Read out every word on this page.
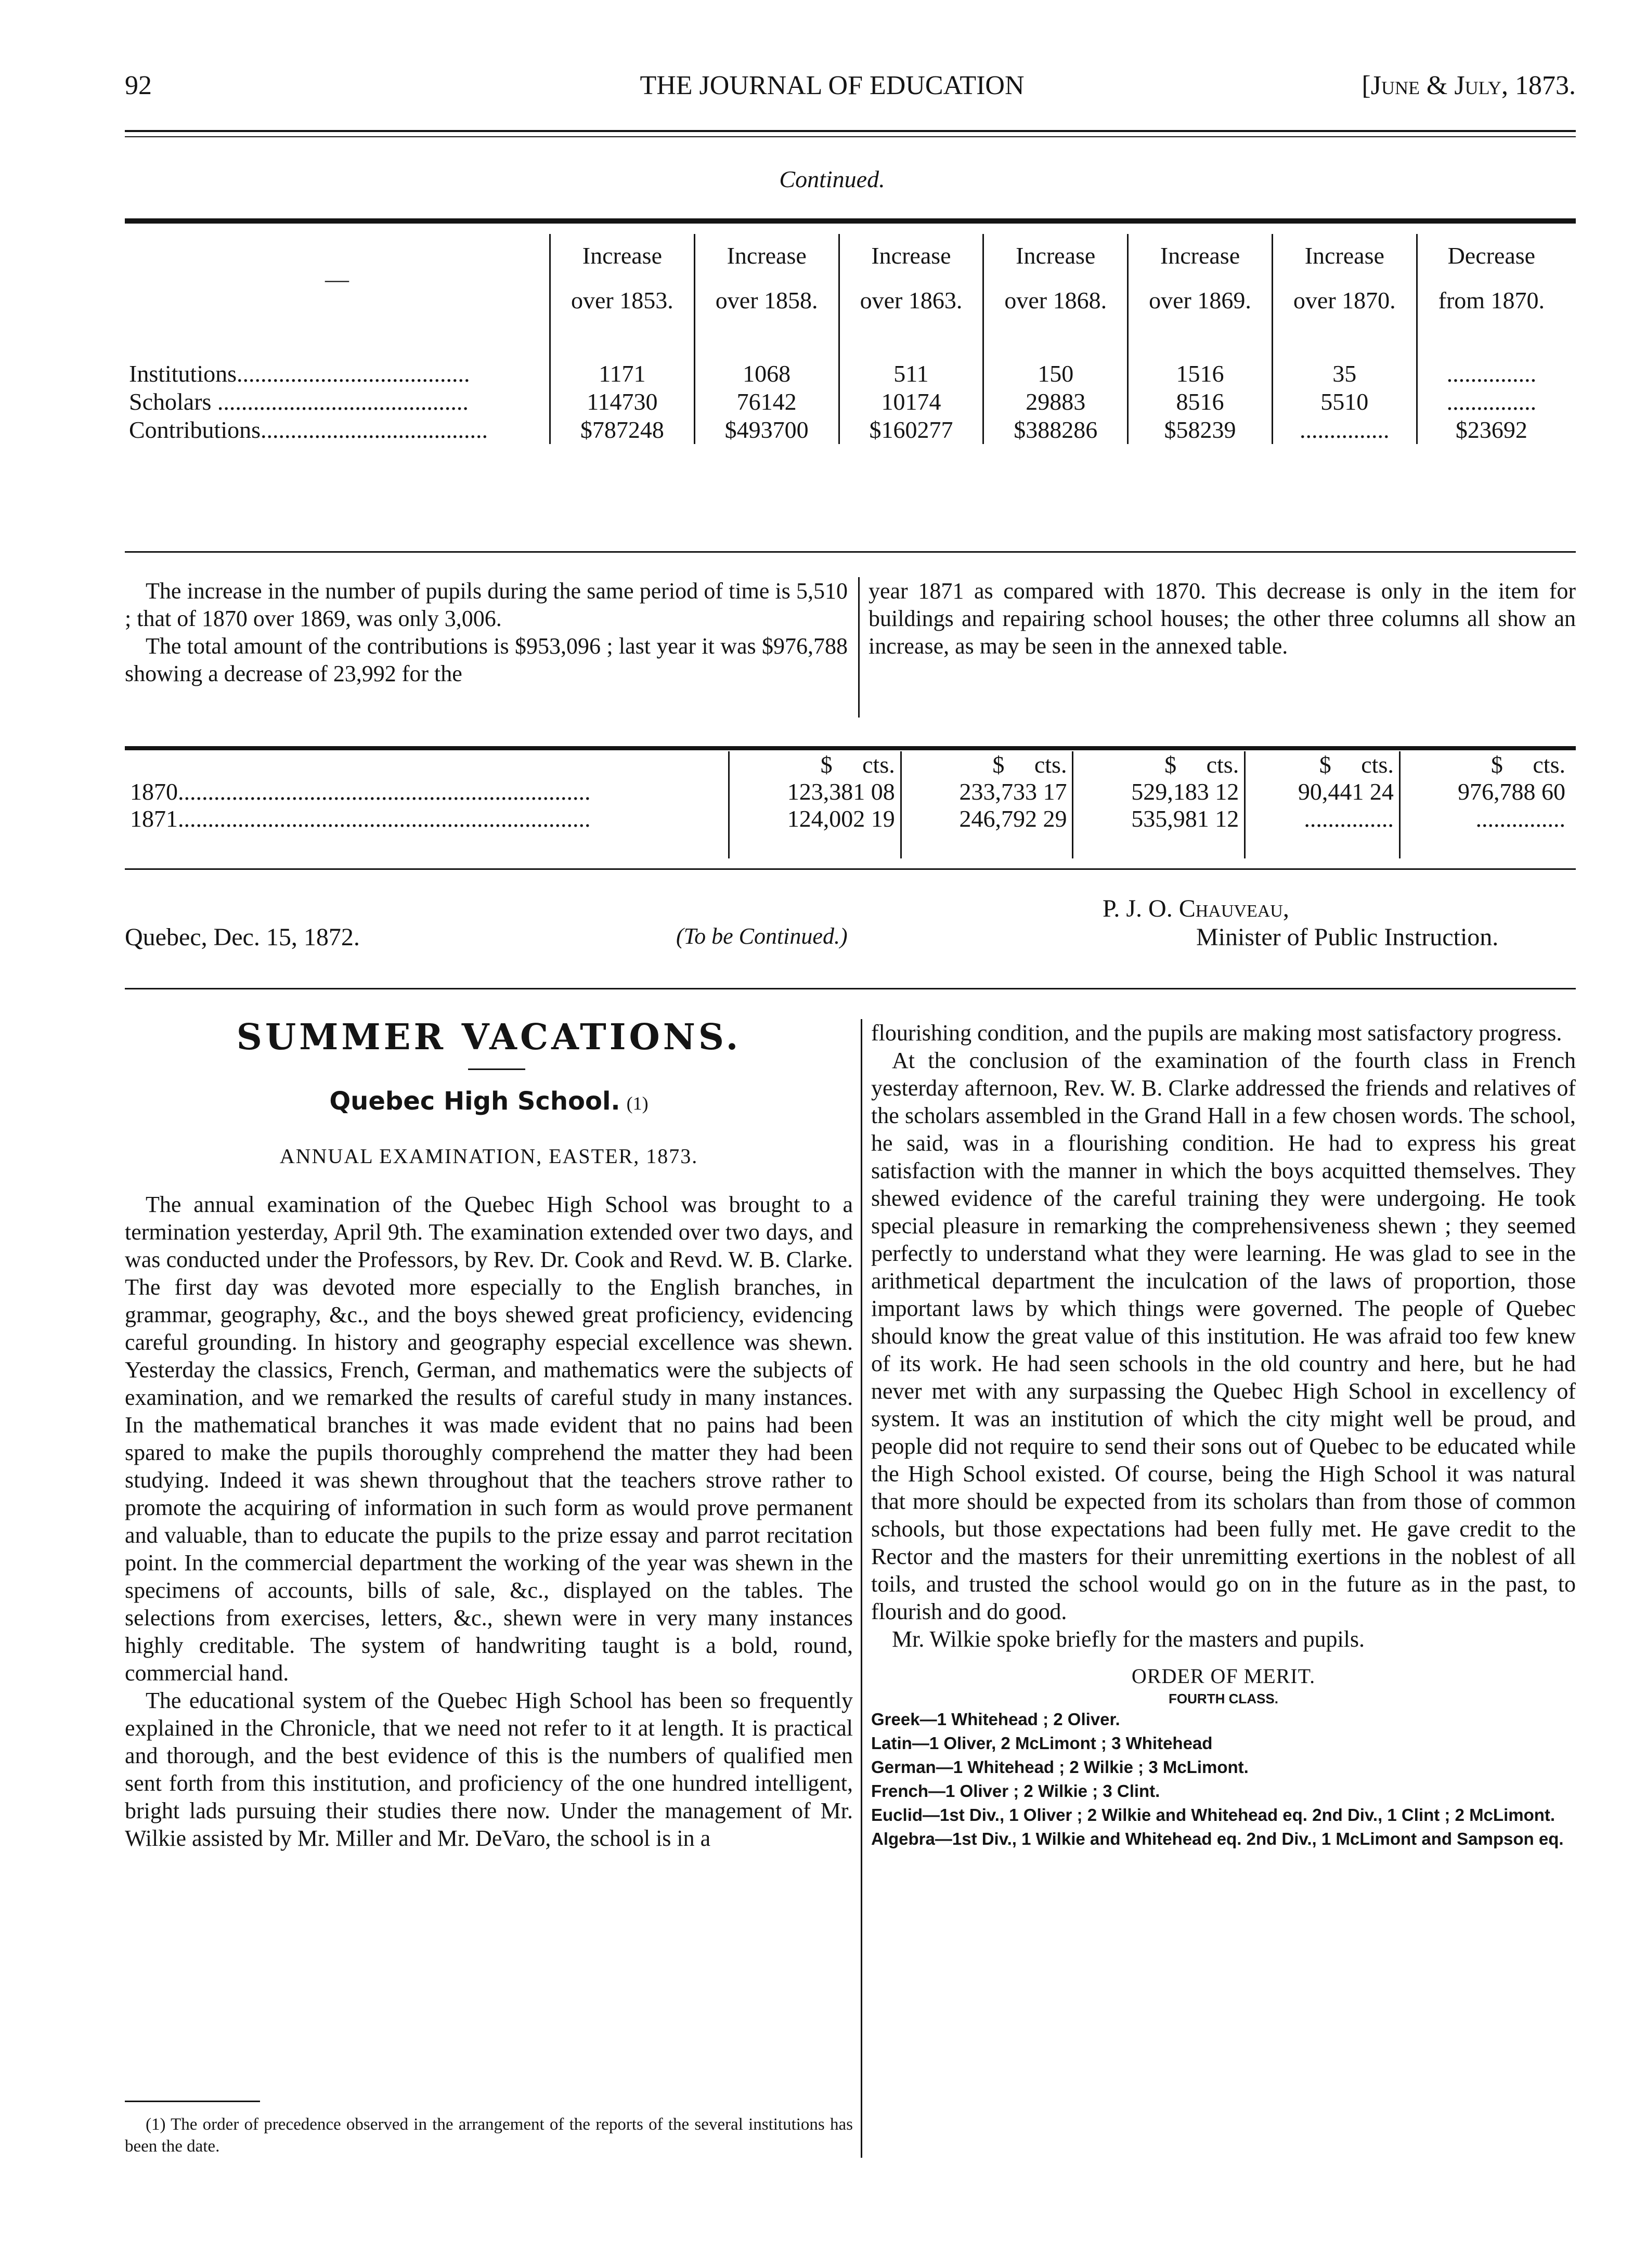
92	THE JOURNAL OF EDUCATION	[June & July, 1873.
Continued.
—	Increase	Increase	Increase	Increase	Increase	Increase	Decrease
	over 1853.	over 1858.	over 1863.	over 1868.	over 1869.	over 1870.	from 1870.

Institutions.......................................	1171	1068	511	150	1516	35	...............
Scholars ..........................................	114730	76142	10174	29883	8516	5510	...............
Contributions......................................	$787248	$493700	$160277	$388286	$58239	...............	$23692

The increase in the number of pupils during the same period of time is 5,510 ; that of 1870 over 1869, was only 3,006.

The total amount of the contributions is $953,096 ; last year it was $976,788 showing a decrease of 23,992 for the

year 1871 as compared with 1870. This decrease is only in the item for buildings and repairing school houses; the other three columns all show an increase, as may be seen in the annexed table.

	$ cts.	$ cts.	$ cts.	$ cts.	$ cts.
1870.....................................................................	123,381 08	233,733 17	529,183 12	90,441 24	976,788 60
1871.....................................................................	124,002 19	246,792 29	535,981 12	...............	...............

P. J. O. Chauveau,
Quebec, Dec. 15, 1872.	(To be Continued.)	Minister of Public Instruction.
SUMMER VACATIONS.
Quebec High School. (1)
ANNUAL EXAMINATION, EASTER, 1873.

The annual examination of the Quebec High School was brought to a termination yesterday, April 9th. The examination extended over two days, and was conducted under the Professors, by Rev. Dr. Cook and Revd. W. B. Clarke. The first day was devoted more especially to the English branches, in grammar, geography, &c., and the boys shewed great proficiency, evidencing careful grounding. In history and geography especial excellence was shewn. Yesterday the classics, French, German, and mathematics were the subjects of examination, and we remarked the results of careful study in many instances. In the mathematical branches it was made evident that no pains had been spared to make the pupils thoroughly comprehend the matter they had been studying. Indeed it was shewn throughout that the teachers strove rather to promote the acquiring of information in such form as would prove permanent and valuable, than to educate the pupils to the prize essay and parrot recitation point. In the commercial department the working of the year was shewn in the specimens of accounts, bills of sale, &c., displayed on the tables. The selections from exercises, letters, &c., shewn were in very many instances highly creditable. The system of handwriting taught is a bold, round, commercial hand.

The educational system of the Quebec High School has been so frequently explained in the Chronicle, that we need not refer to it at length. It is practical and thorough, and the best evidence of this is the numbers of qualified men sent forth from this institution, and proficiency of the one hundred intelligent, bright lads pursuing their studies there now. Under the management of Mr. Wilkie assisted by Mr. Miller and Mr. DeVaro, the school is in a

(1) The order of precedence observed in the arrangement of the reports of the several institutions has been the date.

flourishing condition, and the pupils are making most satisfactory progress.

At the conclusion of the examination of the fourth class in French yesterday afternoon, Rev. W. B. Clarke addressed the friends and relatives of the scholars assembled in the Grand Hall in a few chosen words. The school, he said, was in a flourishing condition. He had to express his great satisfaction with the manner in which the boys acquitted themselves. They shewed evidence of the careful training they were undergoing. He took special pleasure in remarking the comprehensiveness shewn ; they seemed perfectly to understand what they were learning. He was glad to see in the arithmetical department the inculcation of the laws of proportion, those important laws by which things were governed. The people of Quebec should know the great value of this institution. He was afraid too few knew of its work. He had seen schools in the old country and here, but he had never met with any surpassing the Quebec High School in excellency of system. It was an institution of which the city might well be proud, and people did not require to send their sons out of Quebec to be educated while the High School existed. Of course, being the High School it was natural that more should be expected from its scholars than from those of common schools, but those expectations had been fully met. He gave credit to the Rector and the masters for their unremitting exertions in the noblest of all toils, and trusted the school would go on in the future as in the past, to flourish and do good.

Mr. Wilkie spoke briefly for the masters and pupils.

ORDER OF MERIT.
FOURTH CLASS.
Greek—1 Whitehead ; 2 Oliver.
Latin—1 Oliver, 2 McLimont ; 3 Whitehead
German—1 Whitehead ; 2 Wilkie ; 3 McLimont.
French—1 Oliver ; 2 Wilkie ; 3 Clint.
Euclid—1st Div., 1 Oliver ; 2 Wilkie and Whitehead eq. 2nd Div., 1 Clint ; 2 McLimont.
Algebra—1st Div., 1 Wilkie and Whitehead eq. 2nd Div., 1 McLimont and Sampson eq.
